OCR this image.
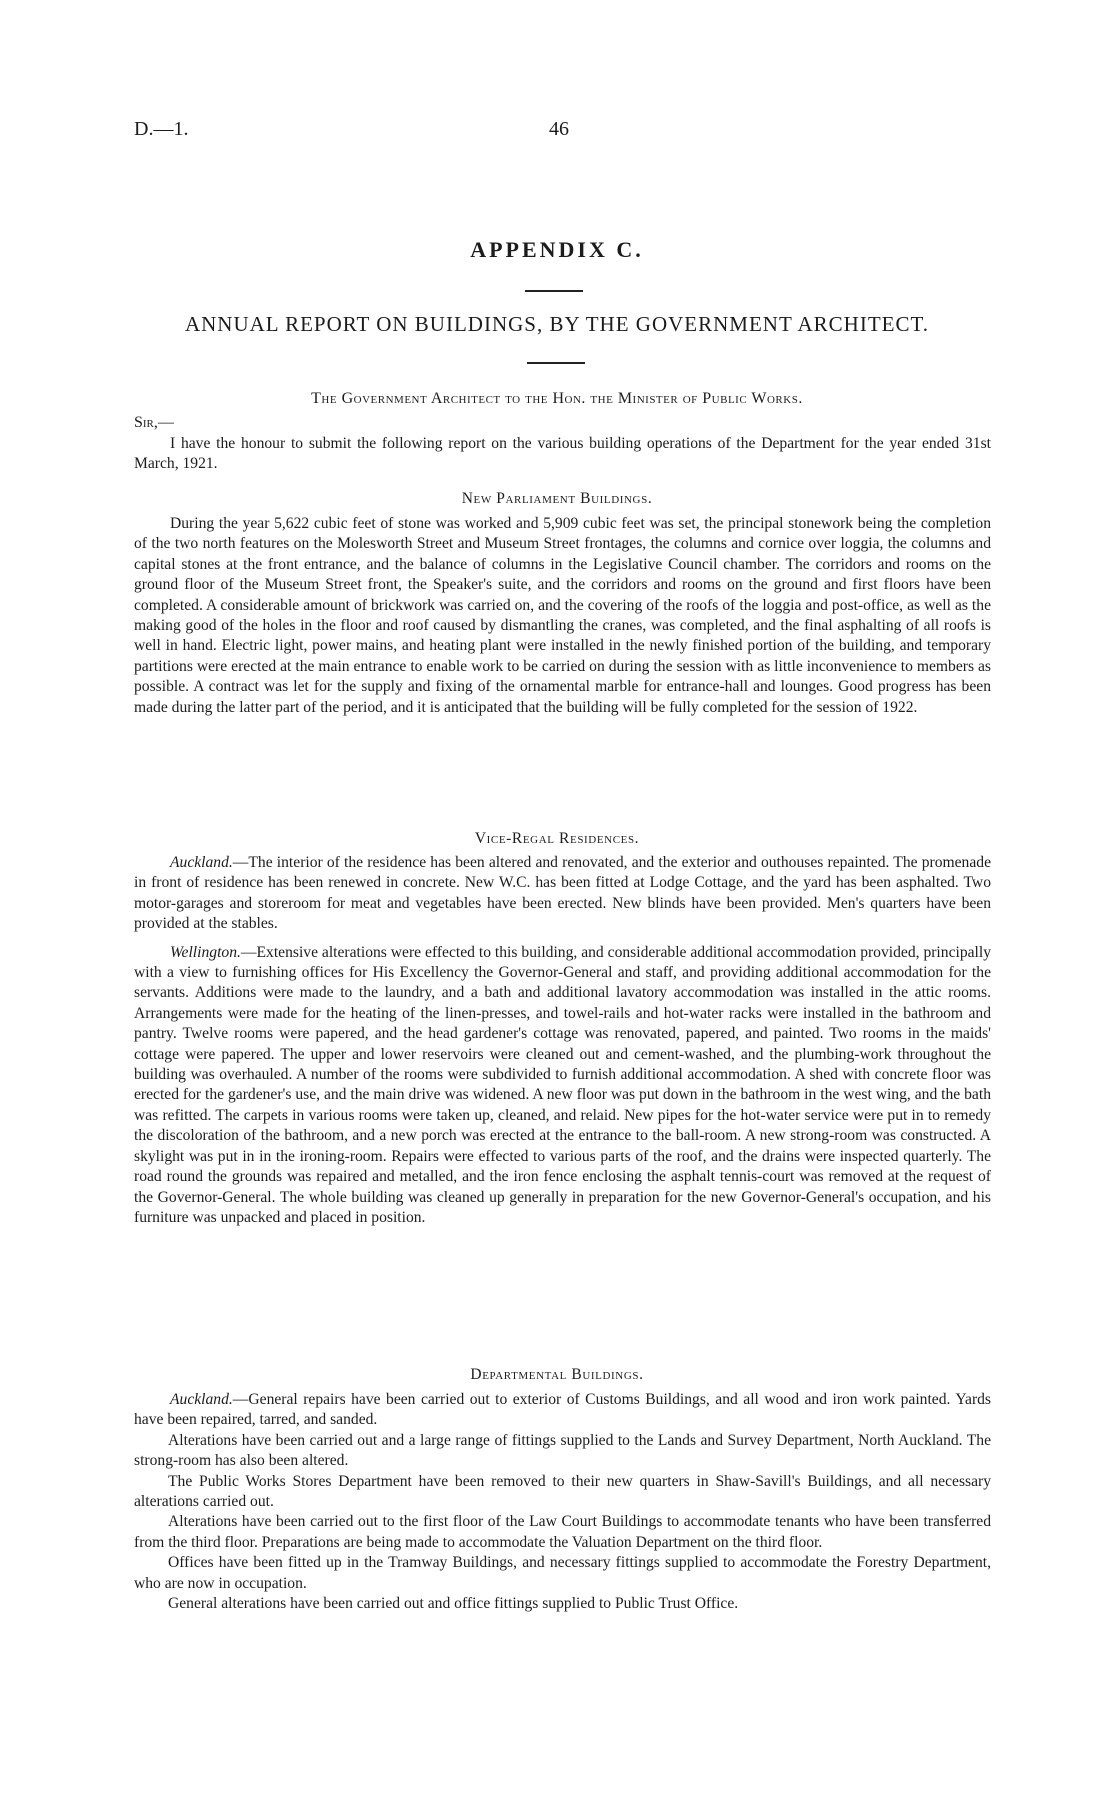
D.—1.	46
APPENDIX C.
ANNUAL REPORT ON BUILDINGS, BY THE GOVERNMENT ARCHITECT.
The Government Architect to the Hon. the Minister of Public Works.
Sir,—

I have the honour to submit the following report on the various building operations of the Department for the year ended 31st March, 1921.

New Parliament Buildings.

During the year 5,622 cubic feet of stone was worked and 5,909 cubic feet was set, the principal stonework being the completion of the two north features on the Molesworth Street and Museum Street frontages, the columns and cornice over loggia, the columns and capital stones at the front entrance, and the balance of columns in the Legislative Council chamber. The corridors and rooms on the ground floor of the Museum Street front, the Speaker's suite, and the corridors and rooms on the ground and first floors have been completed. A considerable amount of brickwork was carried on, and the covering of the roofs of the loggia and post-office, as well as the making good of the holes in the floor and roof caused by dismantling the cranes, was completed, and the final asphalting of all roofs is well in hand. Electric light, power mains, and heating plant were installed in the newly finished portion of the building, and temporary partitions were erected at the main entrance to enable work to be carried on during the session with as little inconvenience to members as possible. A contract was let for the supply and fixing of the ornamental marble for entrance-hall and lounges. Good progress has been made during the latter part of the period, and it is anticipated that the building will be fully completed for the session of 1922.

Vice-Regal Residences.

Auckland.—The interior of the residence has been altered and renovated, and the exterior and outhouses repainted. The promenade in front of residence has been renewed in concrete. New W.C. has been fitted at Lodge Cottage, and the yard has been asphalted. Two motor-garages and storeroom for meat and vegetables have been erected. New blinds have been provided. Men's quarters have been provided at the stables.

Wellington.—Extensive alterations were effected to this building, and considerable additional accommodation provided, principally with a view to furnishing offices for His Excellency the Governor-General and staff, and providing additional accommodation for the servants. Additions were made to the laundry, and a bath and additional lavatory accommodation was installed in the attic rooms. Arrangements were made for the heating of the linen-presses, and towel-rails and hot-water racks were installed in the bathroom and pantry. Twelve rooms were papered, and the head gardener's cottage was renovated, papered, and painted. Two rooms in the maids' cottage were papered. The upper and lower reservoirs were cleaned out and cement-washed, and the plumbing-work throughout the building was overhauled. A number of the rooms were subdivided to furnish additional accommodation. A shed with concrete floor was erected for the gardener's use, and the main drive was widened. A new floor was put down in the bathroom in the west wing, and the bath was refitted. The carpets in various rooms were taken up, cleaned, and relaid. New pipes for the hot-water service were put in to remedy the discoloration of the bathroom, and a new porch was erected at the entrance to the ball-room. A new strong-room was constructed. A skylight was put in in the ironing-room. Repairs were effected to various parts of the roof, and the drains were inspected quarterly. The road round the grounds was repaired and metalled, and the iron fence enclosing the asphalt tennis-court was removed at the request of the Governor-General. The whole building was cleaned up generally in preparation for the new Governor-General's occupation, and his furniture was unpacked and placed in position.

Departmental Buildings.

Auckland.—General repairs have been carried out to exterior of Customs Buildings, and all wood and iron work painted. Yards have been repaired, tarred, and sanded.

Alterations have been carried out and a large range of fittings supplied to the Lands and Survey Department, North Auckland. The strong-room has also been altered.

The Public Works Stores Department have been removed to their new quarters in Shaw-Savill's Buildings, and all necessary alterations carried out.

Alterations have been carried out to the first floor of the Law Court Buildings to accommodate tenants who have been transferred from the third floor. Preparations are being made to accommodate the Valuation Department on the third floor.

Offices have been fitted up in the Tramway Buildings, and necessary fittings supplied to accommodate the Forestry Department, who are now in occupation.

General alterations have been carried out and office fittings supplied to Public Trust Office.
